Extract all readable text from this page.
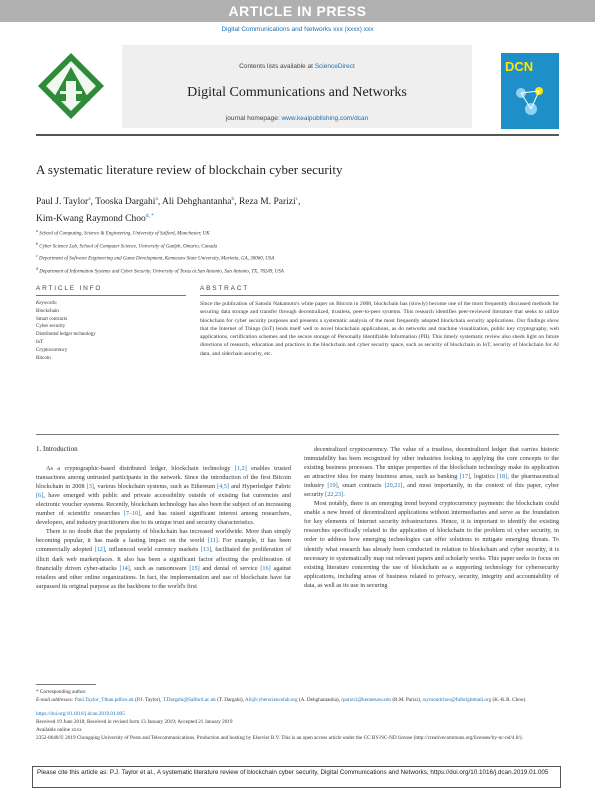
ARTICLE IN PRESS
Digital Communications and Networks xxx (xxxx) xxx
Contents lists available at ScienceDirect
Digital Communications and Networks
journal homepage: www.keaipublishing.com/dcan
DCN
A systematic literature review of blockchain cyber security
Paul J. Taylor$^a$, Tooska Dargahi$^a$, Ali Dehghantanha$^b$, Reza M. Parizi$^c$,
Kim-Kwang Raymond Choo$^{d, *}$
$^a$ School of Computing, Science & Engineering, University of Salford, Manchester, UK
$^b$ Cyber Science Lab, School of Computer Science, University of Guelph, Ontario, Canada
$^c$ Department of Software Engineering and Game Development, Kennesaw State University, Marietta, GA, 30060, USA
$^d$ Department of Information Systems and Cyber Security, University of Texas at San Antonio, San Antonio, TX, 78249, USA
ARTICLE INFO	ABSTRACT
Keywords:
Blockchain
Smart contracts
Cyber security
Distributed ledger technology
IoT
Cryptocurrency
Bitcoin
Since the publication of Satoshi Nakamoto's white paper on Bitcoin in 2008, blockchain has (slowly) become one of the most frequently discussed methods for securing data storage and transfer through decentralized, trustless, peer-to-peer systems. This research identifies peer-reviewed literature that seeks to utilize blockchain for cyber security purposes and presents a systematic analysis of the most frequently adopted blockchain security applications. Our findings show that the Internet of Things (IoT) lends itself well to novel blockchain applications, as do networks and machine visualization, public key cryptography, web applications, certification schemes and the secure storage of Personally Identifiable Information (PII). This timely systematic review also sheds light on future directions of research, education and practices in the blockchain and cyber security space, such as security of blockchain in IoT, security of blockchain for AI data, and sidechain security, etc.

1. Introduction

As a cryptographic-based distributed ledger, blockchain technology [1,2] enables trusted transactions among untrusted participants in the network. Since the introduction of the first Bitcoin blockchain in 2008 [3], various blockchain systems, such as Ethereum [4,5] and Hyperledger Fabric [6], have emerged with public and private accessibility outside of existing fiat currencies and electronic voucher systems. Recently, blockchain technology has also been the subject of an increasing number of scientific researches [7–10], and has raised significant interest among researchers, developers, and industry practitioners due to its unique trust and security characteristics.

There is no doubt that the popularity of blockchain has increased worldwide. More than simply becoming popular, it has made a lasting impact on the world [11]. For example, it has been commercially adopted [12], influenced world currency markets [13], facilitated the proliferation of illicit dark web marketplaces. It also has been a significant factor affecting the proliferation of financially driven cyber-attacks [14], such as ransomware [15] and denial of service [16] against retailers and other online organizations. In fact, the implementation and use of blockchain have far surpassed its original purpose as the backbone to the world's first

decentralized cryptocurrency. The value of a trustless, decentralized ledger that carries historic immutability has been recognized by other industries looking to applying the core concepts to the existing business processes. The unique properties of the blockchain technology make its application an attractive idea for many business areas, such as banking [17], logistics [18], the pharmaceutical industry [19], smart contracts [20,21], and most importantly, in the context of this paper, cyber security [22,23].

Most notably, there is an emerging trend beyond cryptocurrency payments: the blockchain could enable a new breed of decentralized applications without intermediaries and serve as the foundation for key elements of Internet security infrastructures. Hence, it is important to identify the existing researches specifically related to the application of blockchain to the problem of cyber security, in order to address how emerging technologies can offer solutions to mitigate emerging threats. To identify what research has already been conducted in relation to blockchain and cyber security, it is necessary to systematically map out relevant papers and scholarly works. This paper seeks to focus on existing literature concerning the use of blockchain as a supporting technology for cybersecurity applications, including areas of business related to privacy, security, integrity and accountability of data, as well as its use in securing

* Corresponding author.

E-mail addresses: Paul.Taylor_Tthan.pdlice.uk (P.J. Taylor), T.Dargahi@Salford.ac.uk (T. Dargahi), Ali@cybersciencelab.org (A. Dehghantanha), rparizi1@kennesaw.edu (R.M. Parizi), raymondchoo@fulbrightmail.org (K.-K.R. Choo).

https://doi.org/10.1016/j.dcan.2019.01.005

Received 19 June 2018; Received in revised form 13 January 2019; Accepted 21 January 2019

Available online xxxx

2352-8648/© 2019 Chongqing University of Posts and Telecommunications. Production and hosting by Elsevier B.V. This is an open access article under the CC BY-NC-ND license (http://creativecommons.org/licenses/by-nc-nd/4.0/).

Please cite this article as: P.J. Taylor et al., A systematic literature review of blockchain cyber security, Digital Communications and Networks, https://doi.org/10.1016/j.dcan.2019.01.005
